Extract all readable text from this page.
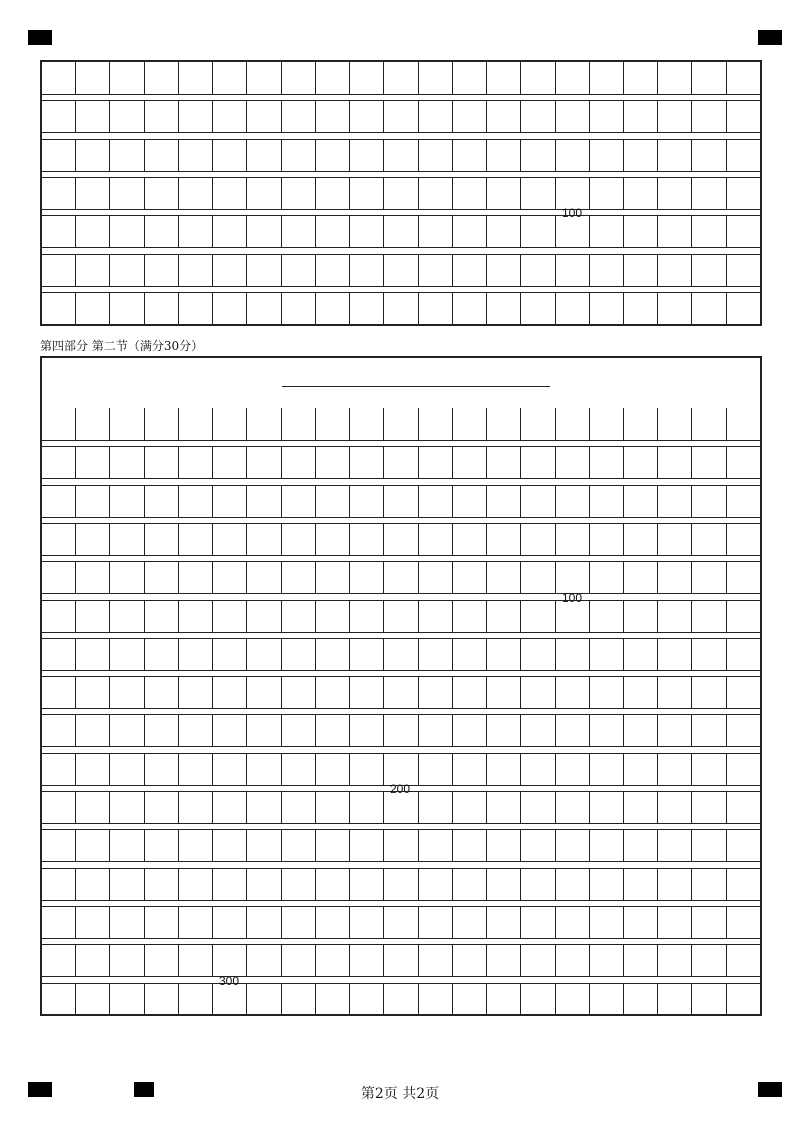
100
第四部分 第二节（满分30分）
100
200
300
第2页 共2页
